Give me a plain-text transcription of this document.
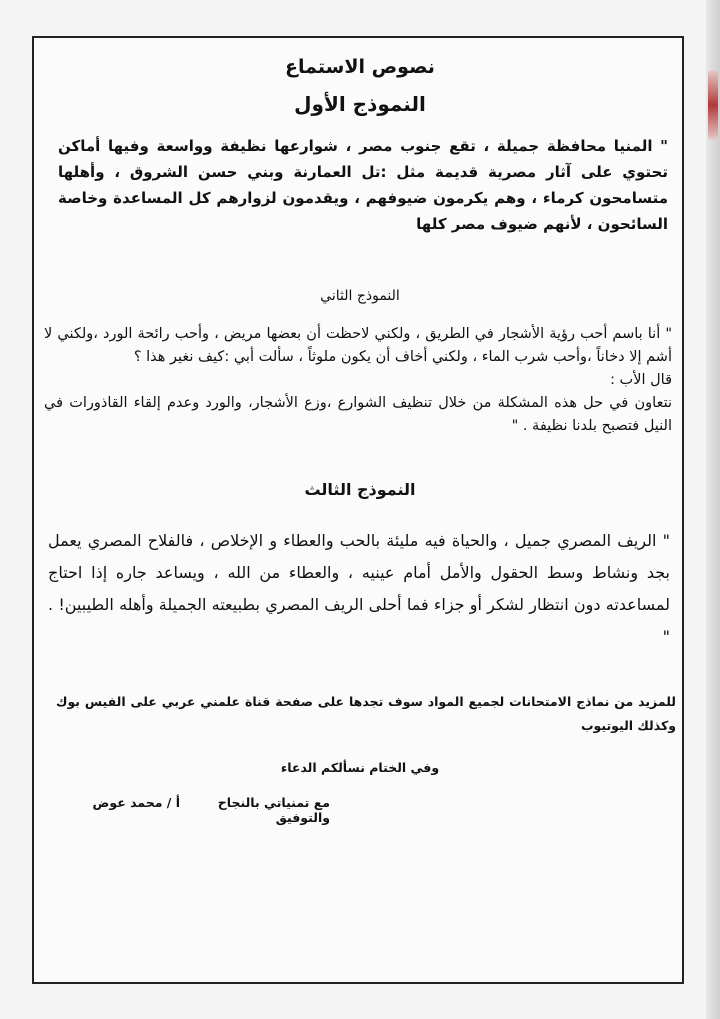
نصوص الاستماع
النموذج الأول

" المنيا محافظة جميلة ، تقع جنوب مصر ، شوارعها نظيفة وواسعة وفيها أماكن تحتوي على آثار مصرية قديمة مثل :تل العمارنة وبني حسن الشروق ، وأهلها متسامحون كرماء ، وهم يكرمون ضيوفهم ، ويقدمون لزوارهم كل المساعدة وخاصة السائحون ، لأنهم ضيوف مصر كلها

النموذج الثاني

" أنا باسم أحب رؤية الأشجار في الطريق ، ولكني لاحظت أن بعضها مريض ، وأحب رائحة الورد ،ولكني لا أشم إلا دخاناً ،وأحب شرب الماء ، ولكني أخاف أن يكون ملوثاً ، سألت أبي :كيف نغير هذا ؟

قال الأب :

نتعاون في حل هذه المشكلة من خلال تنظيف الشوارع ،وزع الأشجار، والورد وعدم إلقاء القاذورات في النيل فتصبح بلدنا نظيفة . "

النموذج الثالث

" الريف المصري جميل ، والحياة فيه مليئة بالحب والعطاء و الإخلاص ، فالفلاح المصري يعمل بجد ونشاط وسط الحقول والأمل أمام عينيه ، والعطاء من الله ، ويساعد جاره إذا احتاج لمساعدته دون انتظار لشكر أو جزاء فما أحلى الريف المصري بطبيعته الجميلة وأهله الطيبين! . "

للمزيد من نماذج الامتحانات لجميع المواد سوف تجدها على صفحة قناة علمني عربي على الفيس بوك وكذلك اليوتيوب

وفي الختام نسألكم الدعاء
مع تمنياتي بالنجاح والتوفيق
أ / محمد عوض
